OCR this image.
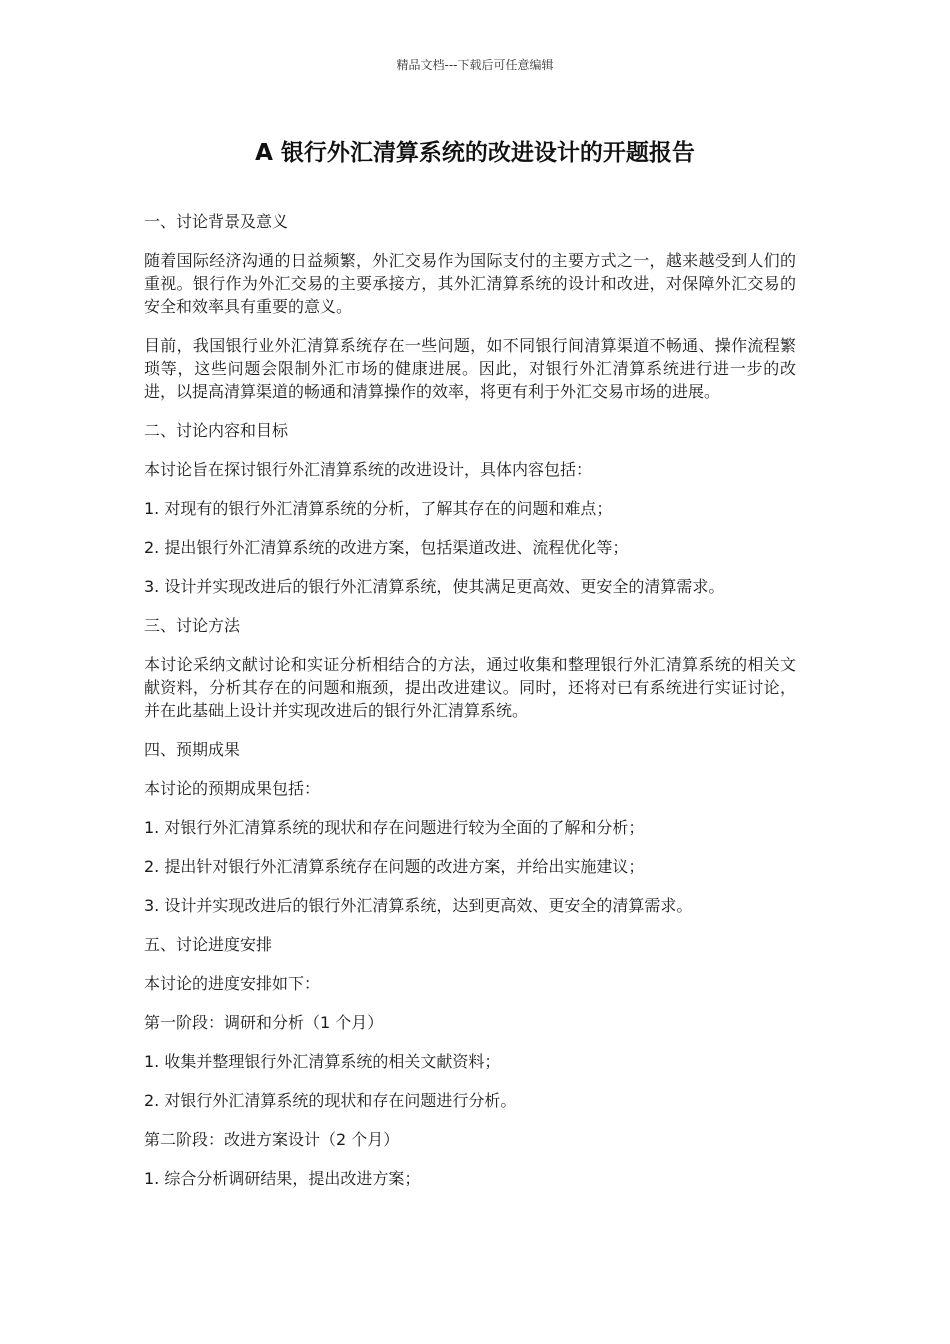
精品文档---下载后可任意编辑
A 银行外汇清算系统的改进设计的开题报告

一、讨论背景及意义

随着国际经济沟通的日益频繁，外汇交易作为国际支付的主要方式之一，越来越受到人们的重视。银行作为外汇交易的主要承接方，其外汇清算系统的设计和改进，对保障外汇交易的安全和效率具有重要的意义。

目前，我国银行业外汇清算系统存在一些问题，如不同银行间清算渠道不畅通、操作流程繁琐等，这些问题会限制外汇市场的健康进展。因此，对银行外汇清算系统进行进一步的改进，以提高清算渠道的畅通和清算操作的效率，将更有利于外汇交易市场的进展。

二、讨论内容和目标

本讨论旨在探讨银行外汇清算系统的改进设计，具体内容包括：

1. 对现有的银行外汇清算系统的分析，了解其存在的问题和难点；

2. 提出银行外汇清算系统的改进方案，包括渠道改进、流程优化等；

3. 设计并实现改进后的银行外汇清算系统，使其满足更高效、更安全的清算需求。

三、讨论方法

本讨论采纳文献讨论和实证分析相结合的方法，通过收集和整理银行外汇清算系统的相关文献资料，分析其存在的问题和瓶颈，提出改进建议。同时，还将对已有系统进行实证讨论，并在此基础上设计并实现改进后的银行外汇清算系统。

四、预期成果

本讨论的预期成果包括：

1. 对银行外汇清算系统的现状和存在问题进行较为全面的了解和分析；

2. 提出针对银行外汇清算系统存在问题的改进方案，并给出实施建议；

3. 设计并实现改进后的银行外汇清算系统，达到更高效、更安全的清算需求。

五、讨论进度安排

本讨论的进度安排如下：

第一阶段：调研和分析（1 个月）

1. 收集并整理银行外汇清算系统的相关文献资料；

2. 对银行外汇清算系统的现状和存在问题进行分析。

第二阶段：改进方案设计（2 个月）

1. 综合分析调研结果，提出改进方案；
